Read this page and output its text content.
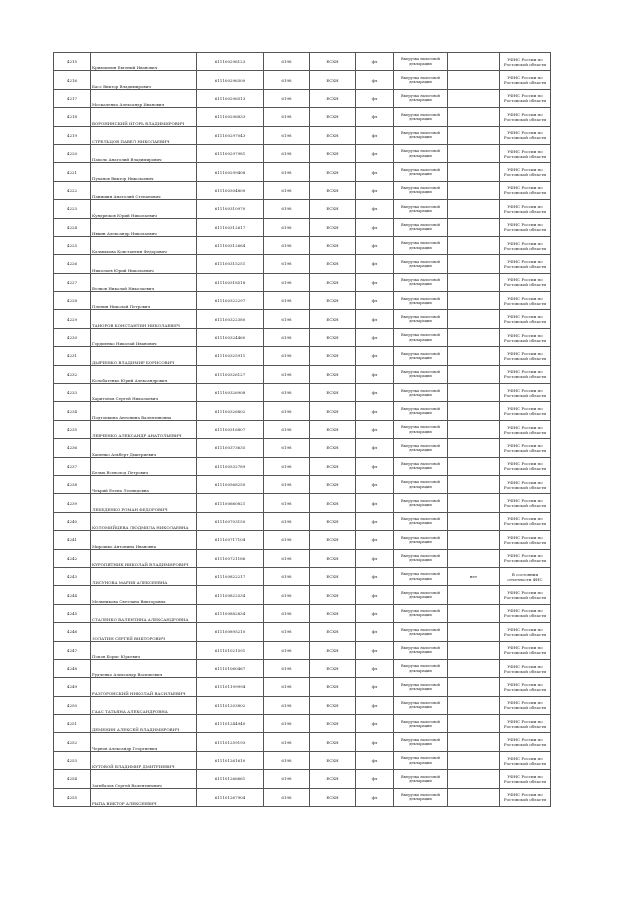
4215	Кривошеин Евгений Иванович	611100296123	6198	ЕСХН	фл	Выгрузка налоговой декларации		УФНС России по Ростовской области
4216	Басс Виктор Владимирович	611100296300	6198	ЕСХН	фл	Выгрузка налоговой декларации		УФНС России по Ростовской области
4217	Москаленко Александр Иванович	611100296513	6198	ЕСХН	фл	Выгрузка налоговой декларации		УФНС России по Ростовской области
4218	ВОРОНИНСКИЙ ИГОРЬ ВЛАДИМИРОВИЧ	611100296833	6198	ЕСХН	фл	Выгрузка налоговой декларации		УФНС России по Ростовской области
4219	СТРЕЛЬЦОВ ПАВЕЛ НИКОЛАЕВИЧ	611100297043	6198	ЕСХН	фл	Выгрузка налоговой декларации		УФНС России по Ростовской области
4220	Пахоль Анатолий Владимирович	611100297981	6198	ЕСХН	фл	Выгрузка налоговой декларации		УФНС России по Ростовской области
4221	Пуханов Виктор Николаевич	611100299408	6198	ЕСХН	фл	Выгрузка налоговой декларации		УФНС России по Ростовской области
4222	Панишин Анатолий Степанович	611100304800	6198	ЕСХН	фл	Выгрузка налоговой декларации		УФНС России по Ростовской области
4223	Кундрюков Юрий Николаевич	611100310970	6198	ЕСХН	фл	Выгрузка налоговой декларации		УФНС России по Ростовской области
4224	Ивкин Александр Николаевич	611100312617	6198	ЕСХН	фл	Выгрузка налоговой декларации		УФНС России по Ростовской области
4225	Калмыкова Константин Федорович	611100312664	6198	ЕСХН	фл	Выгрузка налоговой декларации		УФНС России по Ростовской области
4226	Николаев Юрий Николаевич	611100315251	6198	ЕСХН	фл	Выгрузка налоговой декларации		УФНС России по Ростовской области
4227	Волков Николай Николаевич	611100318518	6198	ЕСХН	фл	Выгрузка налоговой декларации		УФНС России по Ростовской области
4228	Пленин Николай Петрович	611100322297	6198	ЕСХН	фл	Выгрузка налоговой декларации		УФНС России по Ростовской области
4229	ТАНОРОВ КОНСТАНТИН НИКОЛАЕВИЧ	611100322380	6198	ЕСХН	фл	Выгрузка налоговой декларации		УФНС России по Ростовской области
4230	Гордиенко Николай Иванович	611100324460	6198	ЕСХН	фл	Выгрузка налоговой декларации		УФНС России по Ростовской области
4231	ДЬЯЧЕНКО ВЛАДИМИР БОРИСОВИЧ	611100325911	6198	ЕСХН	фл	Выгрузка налоговой декларации		УФНС России по Ростовской области
4232	Колобатенко Юрий Александрович	611100326127	6198	ЕСХН	фл	Выгрузка налоговой декларации		УФНС России по Ростовской области
4233	Харитонов Сергей Николаевич	611100326908	6198	ЕСХН	фл	Выгрузка налоговой декларации		УФНС России по Ростовской области
4234	Подтопкина Антонина Валентиновна	611100326802	6198	ЕСХН	фл	Выгрузка налоговой декларации		УФНС России по Ростовской области
4235	ЛЕВЧЕНКО АЛЕКСАНДР АНАТОЛЬЕВИЧ	611100316807	6198	ЕСХН	фл	Выгрузка налоговой декларации		УФНС России по Ростовской области
4236	Хапенко Альберт Дмитриевич	611100373635	6198	ЕСХН	фл	Выгрузка налоговой декларации		УФНС России по Ростовской области
4237	Белых Всеволод Петрович	611100532789	6198	ЕСХН	фл	Выгрузка налоговой декларации		УФНС России по Ростовской области
4238	Чекрий Елена Леонидовна	611100568250	6198	ЕСХН	фл	Выгрузка налоговой декларации		УФНС России по Ростовской области
4239	ЛЕБЕДЕНКО РОМАН ФЕДОРОВИЧ	611100660821	6198	ЕСХН	фл	Выгрузка налоговой декларации		УФНС России по Ростовской области
4240	КОЛОМИЙЦЕВА ЛЮДМИЛА НИКОЛАЕВНА	611100703150	6198	ЕСХН	фл	Выгрузка налоговой декларации		УФНС России по Ростовской области
4241	Мирошко Антонина Ивановна	611100717104	6198	ЕСХН	фл	Выгрузка налоговой декларации		УФНС России по Ростовской области
4242	КУРОПЯТНИК НИКОЛАЙ ВЛАДИМИРОВИЧ	611100721186	6198	ЕСХН	фл	Выгрузка налоговой декларации		УФНС России по Ростовской области
4243	ЛИСУНОВА МАРИЯ АЛЕКСЕЕВНА	611100822217	6198	ЕСХН	фл	Выгрузка налоговой декларации	нет	В состоянии отчетности ФНС
4244	Мельникова Светлана Викторовна	611100822534	6198	ЕСХН	фл	Выгрузка налоговой декларации		УФНС России по Ростовской области
4245	СТАЛЕНКО ВАЛЕНТИНА АЛЕКСАНДРОВНА	611100882834	6198	ЕСХН	фл	Выгрузка налоговой декларации		УФНС России по Ростовской области
4246	ЗОЛАТИН СЕРГЕЙ ВИКТОРОВИЧ	611100895210	6198	ЕСХН	фл	Выгрузка налоговой декларации		УФНС России по Ростовской области
4247	Попов Борис Юрьевич	611101021591	6198	ЕСХН	фл	Выгрузка налоговой декларации		УФНС России по Ростовской области
4248	Рудченко Александр Васильевич	611101060467	6198	ЕСХН	фл	Выгрузка налоговой декларации		УФНС России по Ростовской области
4249	РАЗГОРОНСКИЙ НИКОЛАЙ ВАСИЛЬЕВИЧ	611101199994	6198	ЕСХН	фл	Выгрузка налоговой декларации		УФНС России по Ростовской области
4250	ГААС ТАТЬЯНА АЛЕКСАНДРОВНА	611101203802	6198	ЕСХН	фл	Выгрузка налоговой декларации		УФНС России по Ростовской области
4251	ДЕМЕНИН АЛЕКСЕЙ ВЛАДИМИРОВИЧ	611101244940	6198	ЕСХН	фл	Выгрузка налоговой декларации		УФНС России по Ростовской области
4252	Чернов Александр Георгиевич	611101259193	6198	ЕСХН	фл	Выгрузка налоговой декларации		УФНС России по Ростовской области
4253	КУТОВОЙ ВЛАДИМИР ДМИТРИЕВИЧ	611101261610	6198	ЕСХН	фл	Выгрузка налоговой декларации		УФНС России по Ростовской области
4254	Загибалов Сергей Валентинович	611101266661	6198	ЕСХН	фл	Выгрузка налоговой декларации		УФНС России по Ростовской области
4255	РЫПА ВИКТОР АЛЕКСЕЕВИЧ	611101267904	6198	ЕСХН	фл	Выгрузка налоговой декларации		УФНС России по Ростовской области
